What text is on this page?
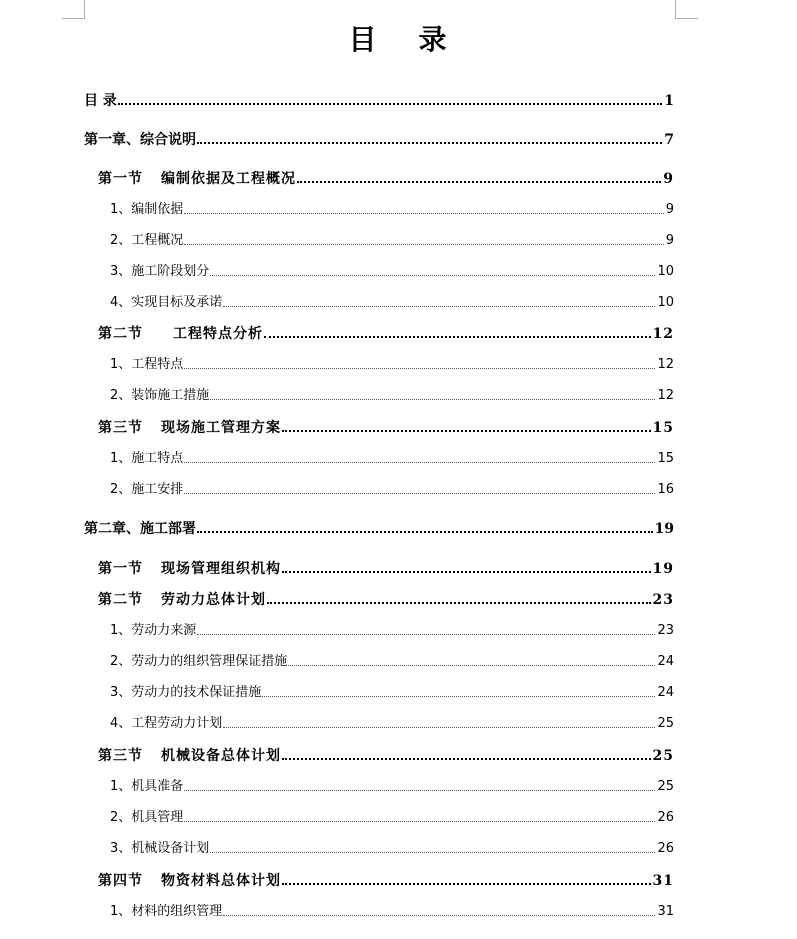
目 录
目 录	1
第一章、综合说明	7
第一节 编制依据及工程概况	9
1、编制依据	9
2、工程概况	9
3、施工阶段划分	10
4、实现目标及承诺	10
第二节 工程特点分析	12
1、工程特点	12
2、装饰施工措施	12
第三节 现场施工管理方案	15
1、施工特点	15
2、施工安排	16
第二章、施工部署	19
第一节 现场管理组织机构	19
第二节 劳动力总体计划	23
1、劳动力来源	23
2、劳动力的组织管理保证措施	24
3、劳动力的技术保证措施	24
4、工程劳动力计划	25
第三节 机械设备总体计划	25
1、机具准备	25
2、机具管理	26
3、机械设备计划	26
第四节 物资材料总体计划	31
1、材料的组织管理	31
